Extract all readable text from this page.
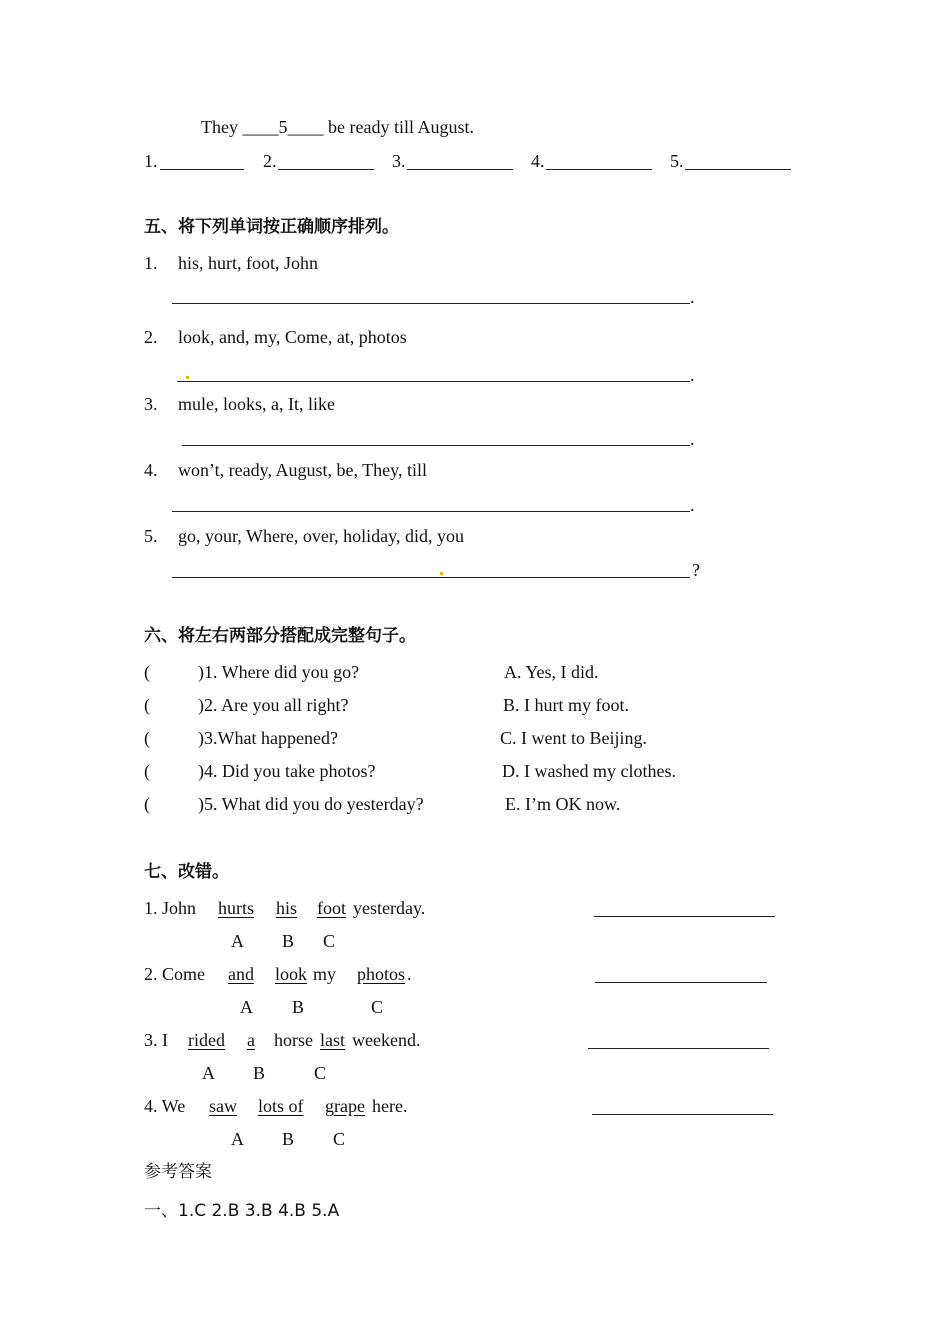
They ____5____ be ready till August.
1.	2.	3.	4.	5.
五、将下列单词按正确顺序排列。
1. his, hurt, foot, John
.
2. look, and, my, Come, at, photos
.
3. mule, looks, a, It, like
.
4. won’t, ready, August, be, They, till
.
5. go, your, Where, over, holiday, did, you
?
六、将左右两部分搭配成完整句子。
(	)1. Where did you go?	A. Yes, I did.
(	)2. Are you all right?	B. I hurt my foot.
(	)3.What happened?	C. I went to Beijing.
(	)4. Did you take photos?	D. I washed my clothes.
(	)5. What did you do yesterday?	E. I’m OK now.
七、改错。
1. John hurts his foot yesterday.
A B C
2. Come and look my photos .
A B	C
3. I rided a horse last weekend.
A B	C
4. We saw lots of grape here.
A B C
参考答案
一、1.C 2.B 3.B 4.B 5.A
